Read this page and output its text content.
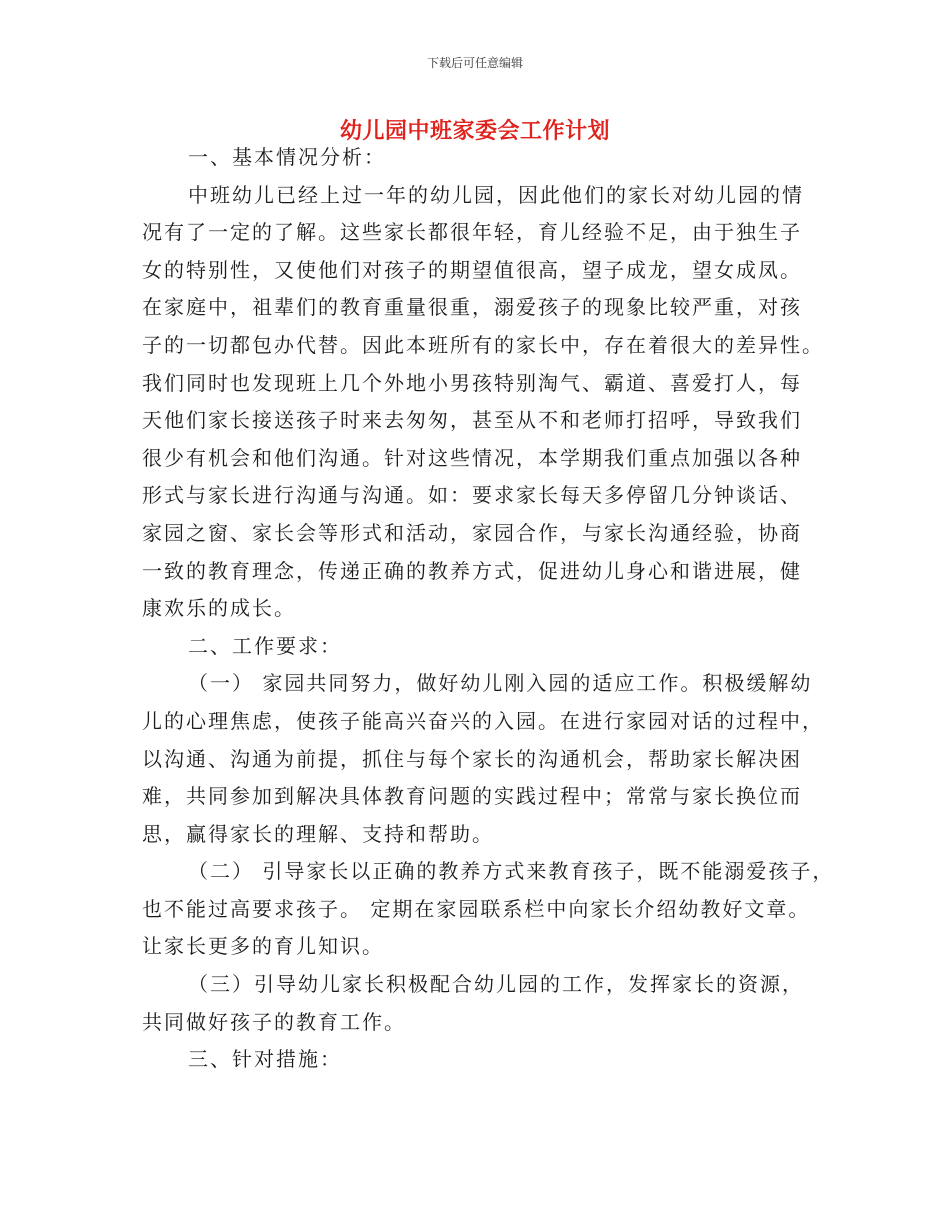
下载后可任意编辑
幼儿园中班家委会工作计划
一、基本情况分析：
中班幼儿已经上过一年的幼儿园，因此他们的家长对幼儿园的情
况有了一定的了解。这些家长都很年轻，育儿经验不足，由于独生子
女的特别性，又使他们对孩子的期望值很高，望子成龙，望女成凤。
在家庭中，祖辈们的教育重量很重，溺爱孩子的现象比较严重，对孩
子的一切都包办代替。因此本班所有的家长中，存在着很大的差异性。
我们同时也发现班上几个外地小男孩特别淘气、霸道、喜爱打人，每
天他们家长接送孩子时来去匆匆，甚至从不和老师打招呼，导致我们
很少有机会和他们沟通。针对这些情况，本学期我们重点加强以各种
形式与家长进行沟通与沟通。如：要求家长每天多停留几分钟谈话、
家园之窗、家长会等形式和活动，家园合作，与家长沟通经验，协商
一致的教育理念，传递正确的教养方式，促进幼儿身心和谐进展，健
康欢乐的成长。
二、工作要求：
（一） 家园共同努力，做好幼儿刚入园的适应工作。积极缓解幼
儿的心理焦虑，使孩子能高兴奋兴的入园。在进行家园对话的过程中，
以沟通、沟通为前提，抓住与每个家长的沟通机会，帮助家长解决困
难，共同参加到解决具体教育问题的实践过程中；常常与家长换位而
思，赢得家长的理解、支持和帮助。
（二） 引导家长以正确的教养方式来教育孩子，既不能溺爱孩子，
也不能过高要求孩子。 定期在家园联系栏中向家长介绍幼教好文章。
让家长更多的育儿知识。
（三）引导幼儿家长积极配合幼儿园的工作，发挥家长的资源，
共同做好孩子的教育工作。
三、针对措施：
